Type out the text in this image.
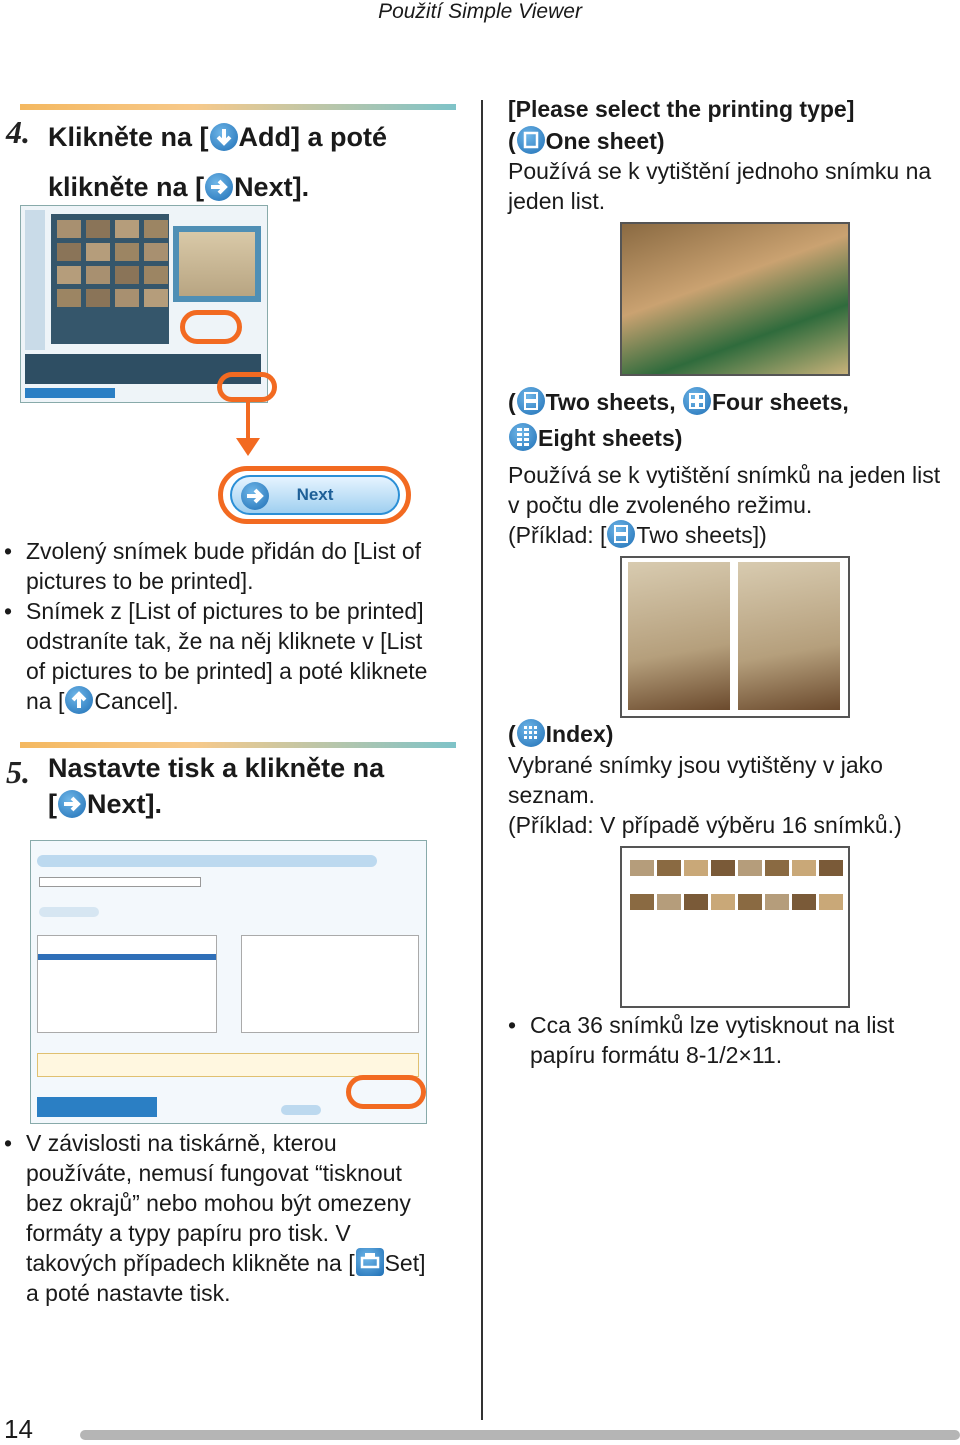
Použití Simple Viewer
4. Klikněte na [ Add] a poté
klikněte na [ Next].
Next
• Zvolený snímek bude přidán do [List of
pictures to be printed].
• Snímek z [List of pictures to be printed]
odstraníte tak, že na něj kliknete v [List
of pictures to be printed] a poté kliknete
na [ Cancel].
5. Nastavte tisk a klikněte na
[ Next].
• V závislosti na tiskárně, kterou
používáte, nemusí fungovat “tisknout
bez okrajů” nebo mohou být omezeny
formáty a typy papíru pro tisk. V
takových případech klikněte na [ Set]
a poté nastavte tisk.
[Please select the printing type]
( One sheet)
Používá se k vytištění jednoho snímku na
jeden list.
( Two sheets, Four sheets,
Eight sheets)
Používá se k vytištění snímků na jeden list
v počtu dle zvoleného režimu.
(Příklad: [ Two sheets])
( Index)
Vybrané snímky jsou vytištěny v jako
seznam.
(Příklad: V případě výběru 16 snímků.)
• Cca 36 snímků lze vytisknout na list
papíru formátu 8-1/2×11.
14
